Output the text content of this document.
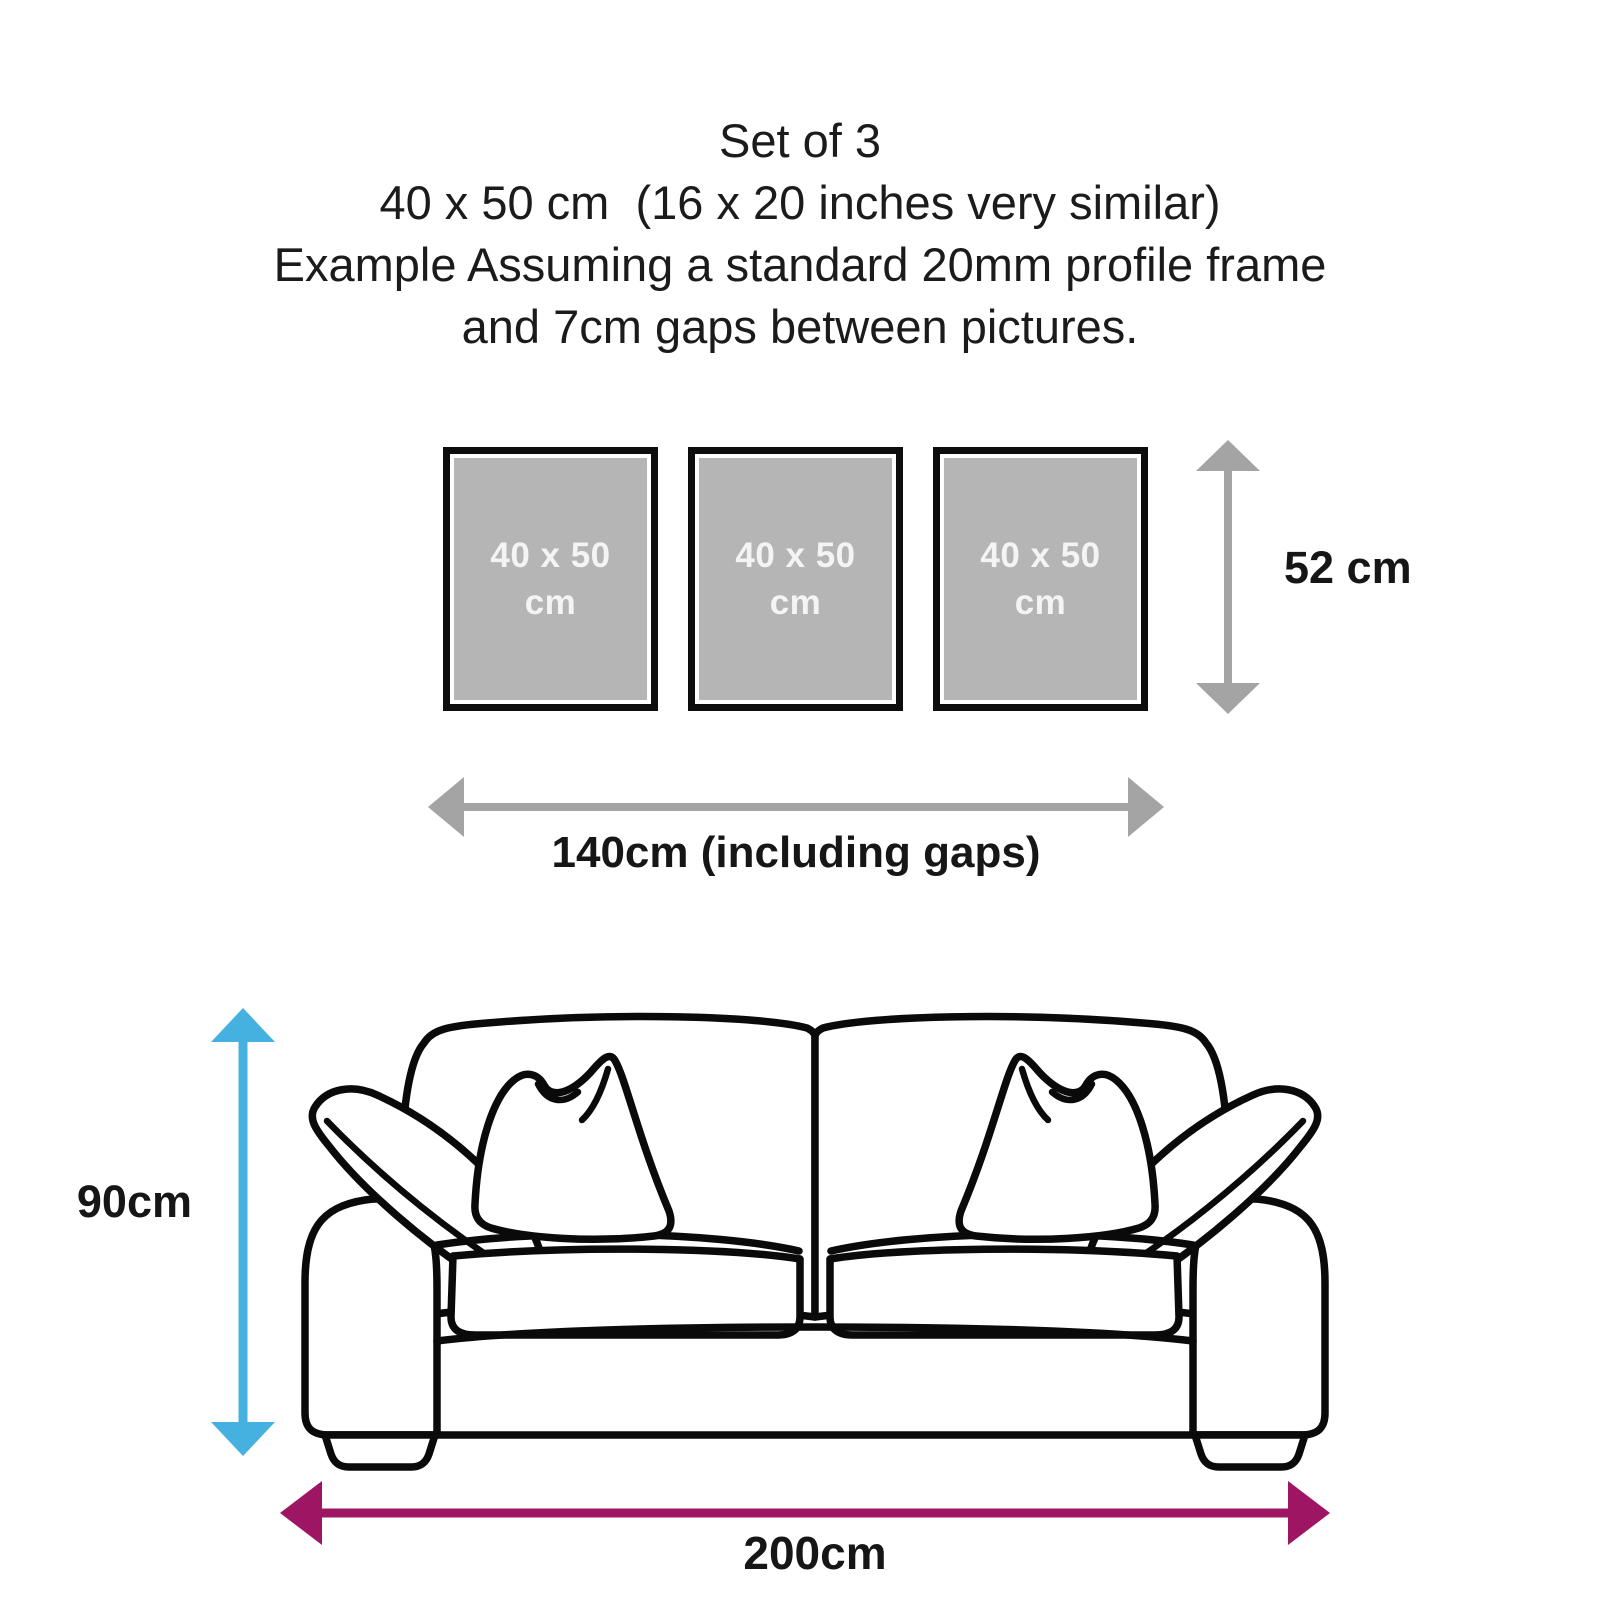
Set of 3
40 x 50 cm  (16 x 20 inches very similar)
Example Assuming a standard 20mm profile frame
and 7cm gaps between pictures.
40 x 50
cm
40 x 50
cm
40 x 50
cm
52 cm
140cm (including gaps)
90cm
200cm
